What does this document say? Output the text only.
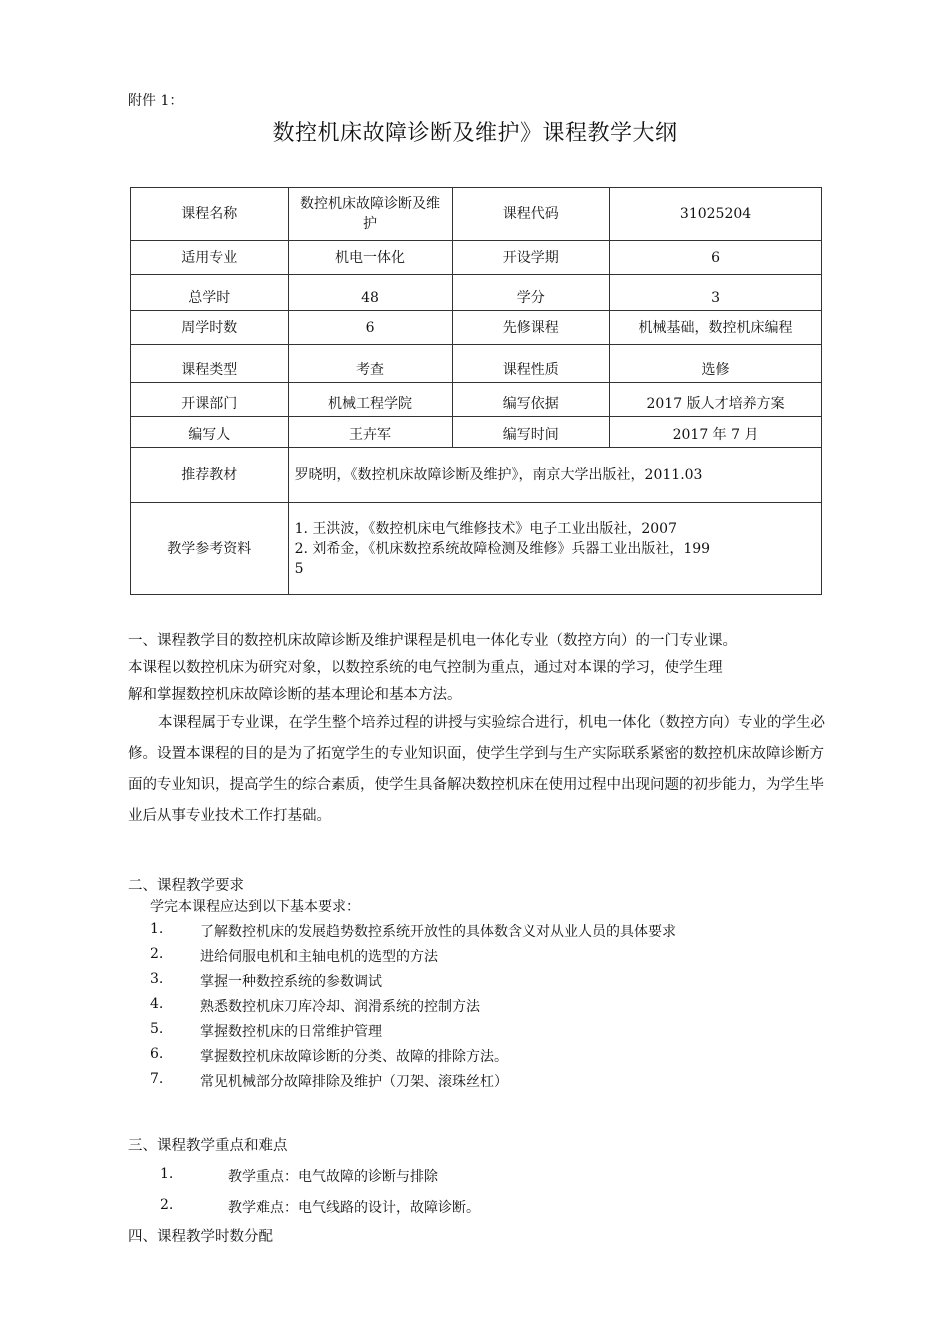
附件 1：
数控机床故障诊断及维护》课程教学大纲
课程名称	数控机床故障诊断及维护	课程代码	31025204
适用专业	机电一体化	开设学期	6
总学时	48	学分	3
周学时数	6	先修课程	机械基础，数控机床编程
课程类型	考查	课程性质	选修
开课部门	机械工程学院	编写依据	2017 版人才培养方案
编写人	王卉军	编写时间	2017 年 7 月
推荐教材	罗晓明，《数控机床故障诊断及维护》，南京大学出版社，2011.03		
教学参考资料	1. 王洪波，《数控机床电气维修技术》电子工业出版社，2007
2. 刘希金，《机床数控系统故障检测及维修》兵器工业出版社，199
5		
一、课程教学目的数控机床故障诊断及维护课程是机电一体化专业（数控方向）的一门专业课。
本课程以数控机床为研究对象，以数控系统的电气控制为重点，通过对本课的学习，使学生理
解和掌握数控机床故障诊断的基本理论和基本方法。
本课程属于专业课，在学生整个培养过程的讲授与实验综合进行，机电一体化（数控方向）专业的学生必修。设置本课程的目的是为了拓宽学生的专业知识面，使学生学到与生产实际联系紧密的数控机床故障诊断方面的专业知识，提高学生的综合素质，使学生具备解决数控机床在使用过程中出现问题的初步能力，为学生毕业后从事专业技术工作打基础。
二、课程教学要求
学完本课程应达到以下基本要求：
1.	了解数控机床的发展趋势数控系统开放性的具体数含义对从业人员的具体要求
2.	进给伺服电机和主轴电机的选型的方法
3.	掌握一种数控系统的参数调试
4.	熟悉数控机床刀库冷却、润滑系统的控制方法
5.	掌握数控机床的日常维护管理
6.	掌握数控机床故障诊断的分类、故障的排除方法。
7.	常见机械部分故障排除及维护（刀架、滚珠丝杠）
三、课程教学重点和难点
1.	教学重点：电气故障的诊断与排除
2.	教学难点：电气线路的设计，故障诊断。
四、课程教学时数分配
